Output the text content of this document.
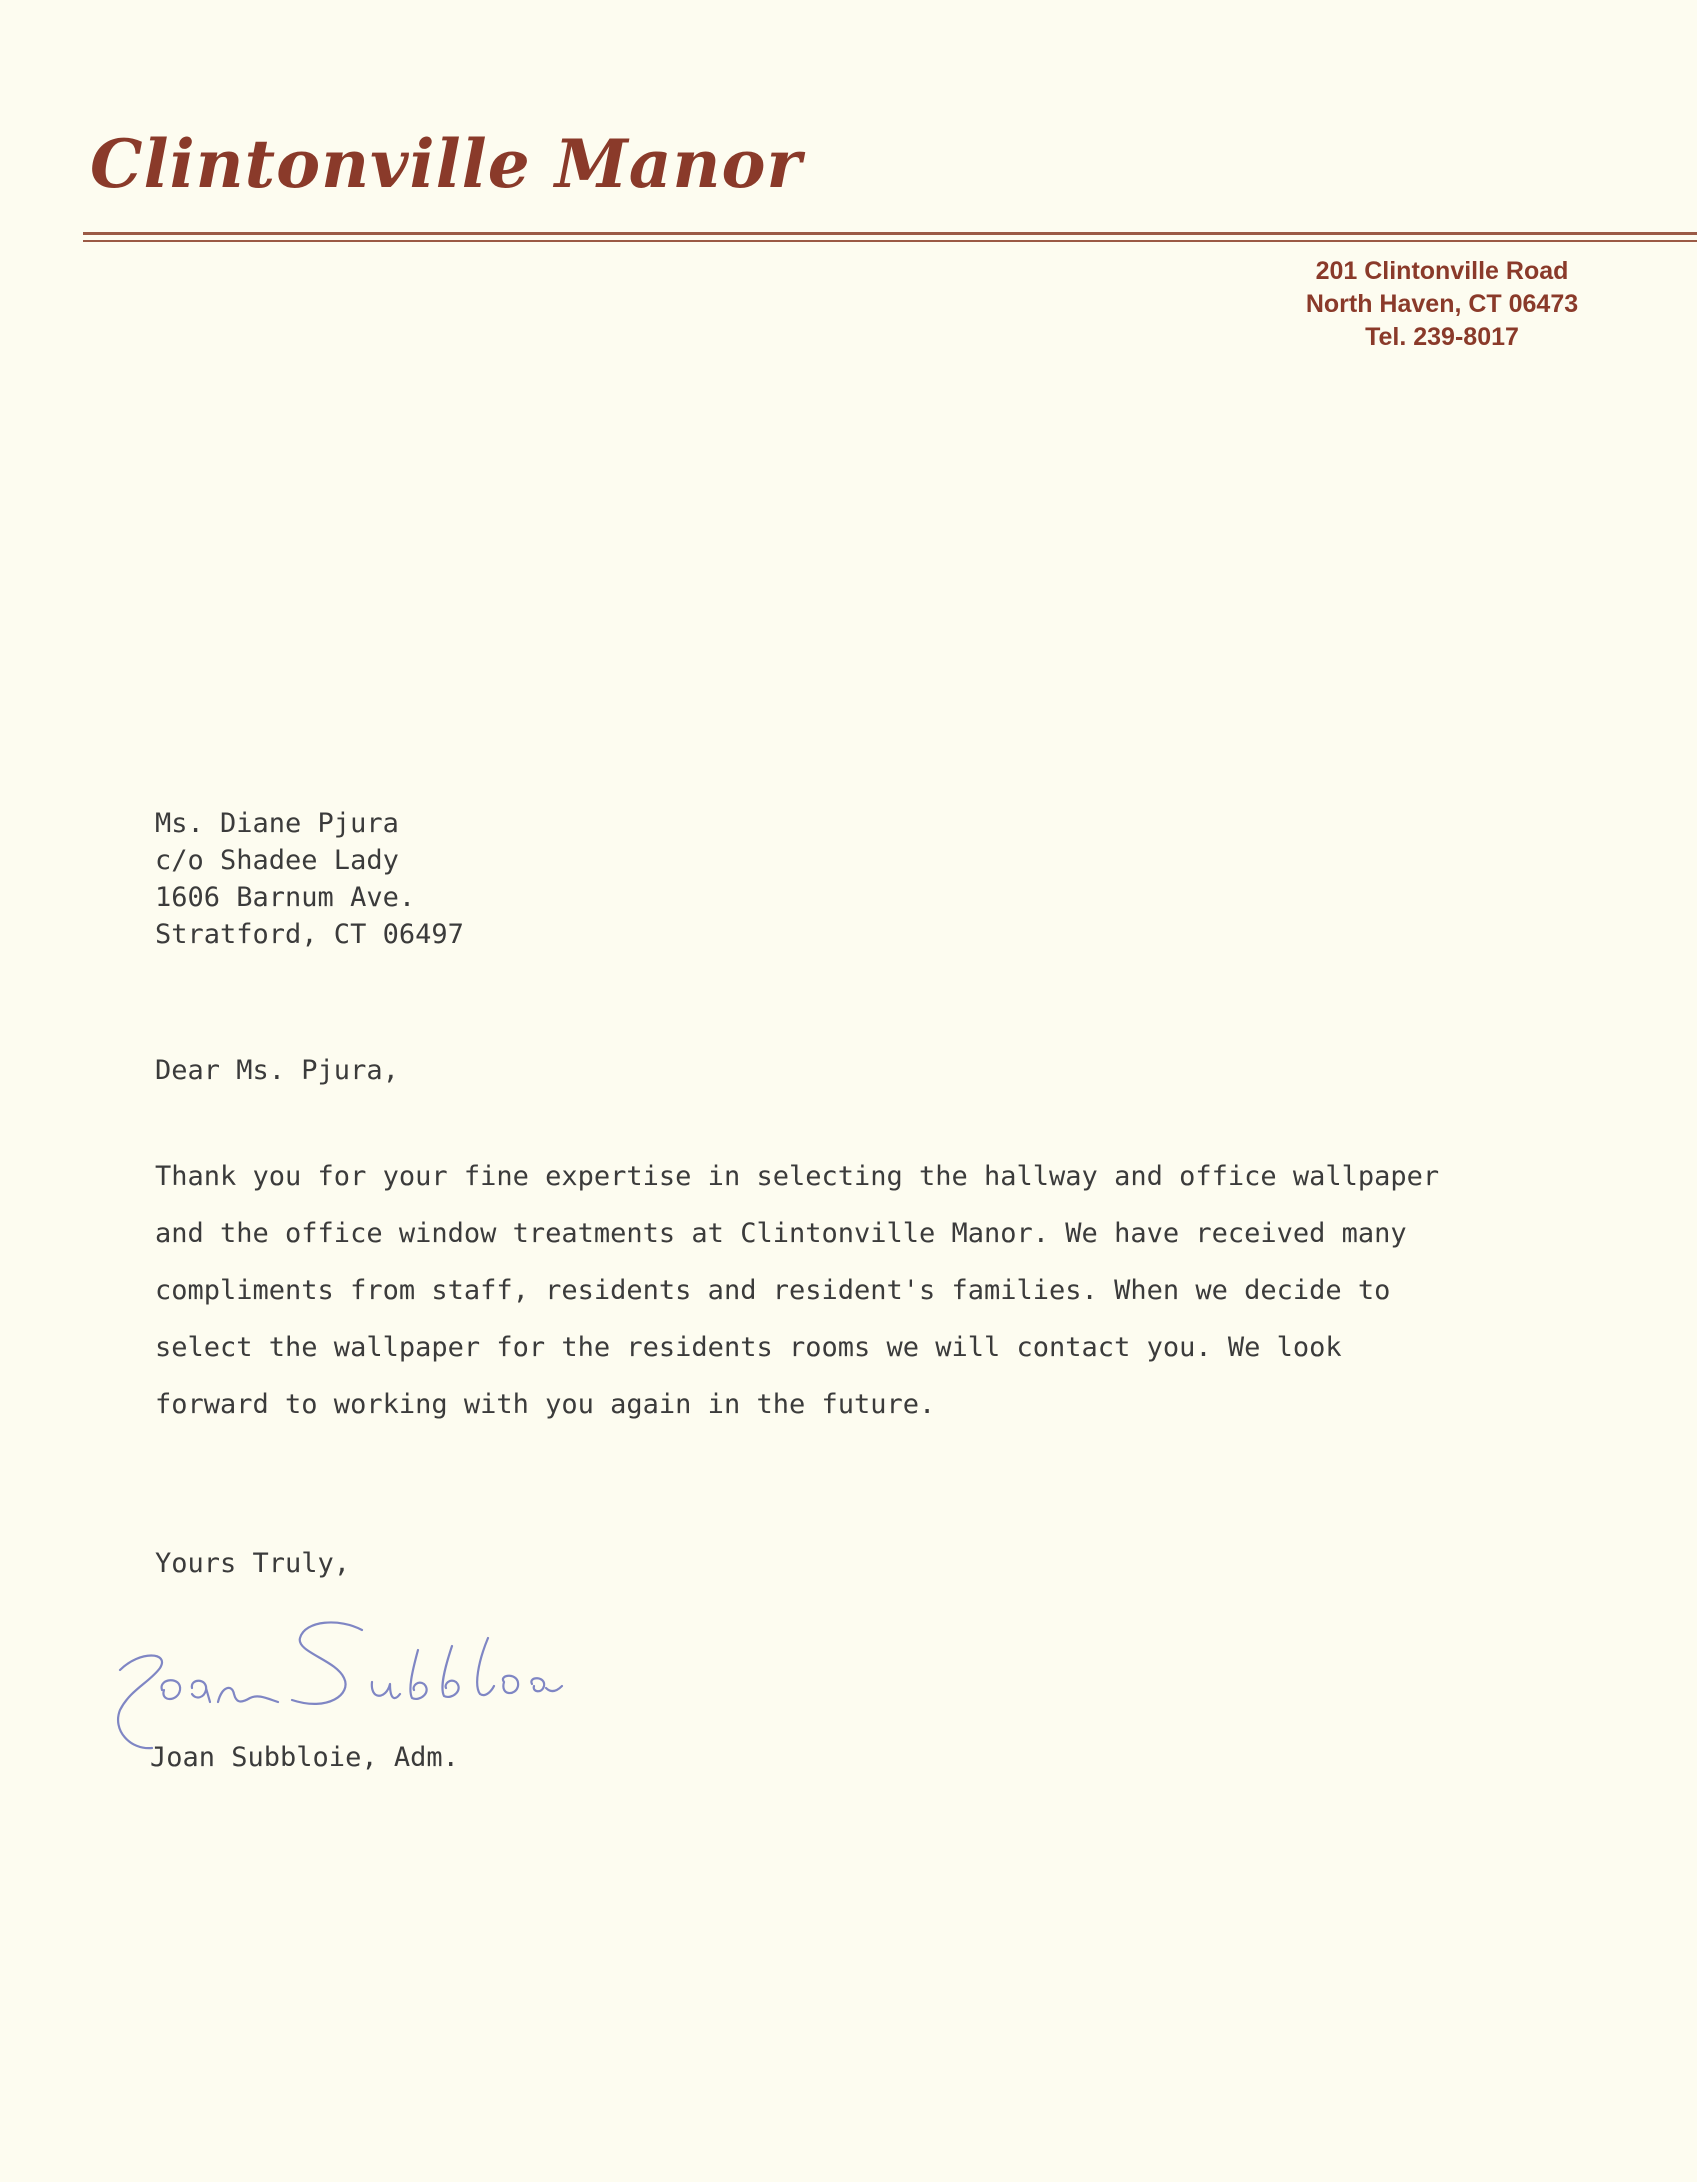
Clintonville Manor
201 Clintonville Road
North Haven, CT 06473
Tel. 239-8017
Ms. Diane Pjura
c/o Shadee Lady
1606 Barnum Ave.
Stratford, CT 06497
Dear Ms. Pjura,
Thank you for your fine expertise in selecting the hallway and office wallpaper
and the office window treatments at Clintonville Manor. We have received many
compliments from staff, residents and resident's families. When we decide to
select the wallpaper for the residents rooms we will contact you. We look
forward to working with you again in the future.
Yours Truly,
Joan Subbloie, Adm.
